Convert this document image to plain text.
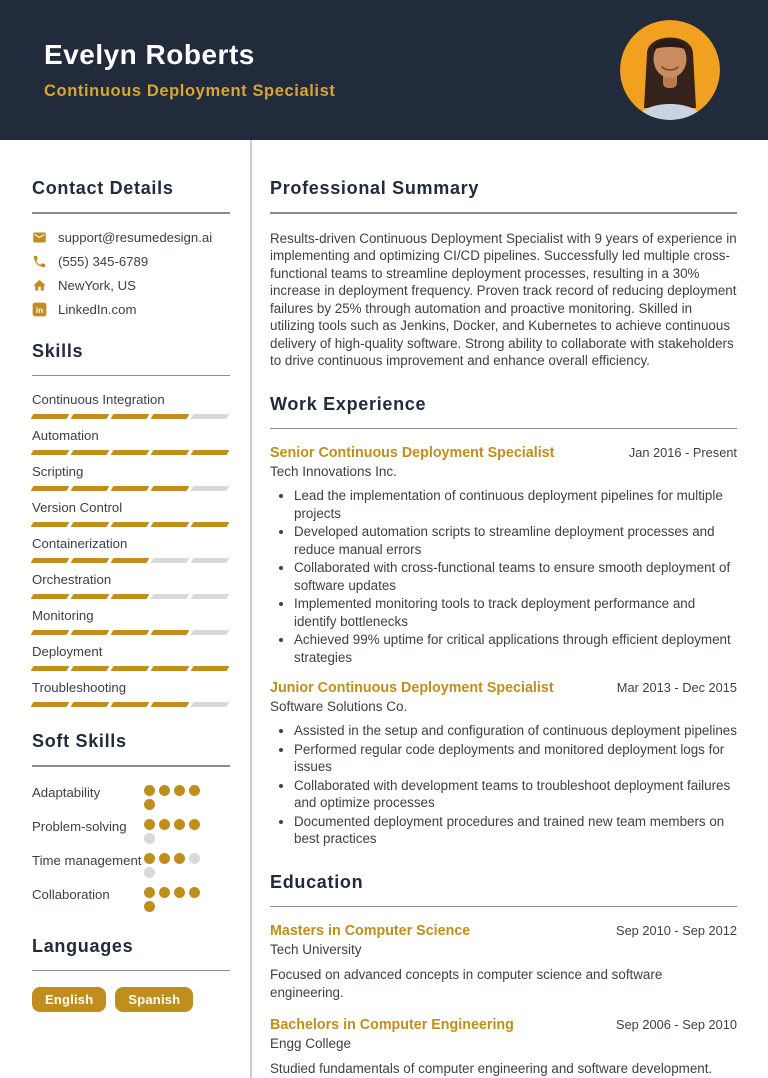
Evelyn Roberts
Continuous Deployment Specialist
Contact Details
support@resumedesign.ai
(555) 345-6789
NewYork, US
in LinkedIn.com
Skills
Continuous Integration
Automation
Scripting
Version Control
Containerization
Orchestration
Monitoring
Deployment
Troubleshooting
Soft Skills
Adaptability
Problem-solving
Time management
Collaboration
Languages
English	Spanish
Professional Summary

Results-driven Continuous Deployment Specialist with 9 years of experience in implementing and optimizing CI/CD pipelines. Successfully led multiple cross-functional teams to streamline deployment processes, resulting in a 30% increase in deployment frequency. Proven track record of reducing deployment failures by 25% through automation and proactive monitoring. Skilled in utilizing tools such as Jenkins, Docker, and Kubernetes to achieve continuous delivery of high-quality software. Strong ability to collaborate with stakeholders to drive continuous improvement and enhance overall efficiency.

Work Experience
Senior Continuous Deployment Specialist	Jan 2016 - Present
Tech Innovations Inc.
• Lead the implementation of continuous deployment pipelines for multiple projects
• Developed automation scripts to streamline deployment processes and reduce manual errors
• Collaborated with cross-functional teams to ensure smooth deployment of software updates
• Implemented monitoring tools to track deployment performance and identify bottlenecks
• Achieved 99% uptime for critical applications through efficient deployment strategies
Junior Continuous Deployment Specialist	Mar 2013 - Dec 2015
Software Solutions Co.
• Assisted in the setup and configuration of continuous deployment pipelines
• Performed regular code deployments and monitored deployment logs for issues
• Collaborated with development teams to troubleshoot deployment failures and optimize processes
• Documented deployment procedures and trained new team members on best practices
Education
Masters in Computer Science	Sep 2010 - Sep 2012
Tech University

Focused on advanced concepts in computer science and software engineering.

Bachelors in Computer Engineering	Sep 2006 - Sep 2010
Engg College

Studied fundamentals of computer engineering and software development.
